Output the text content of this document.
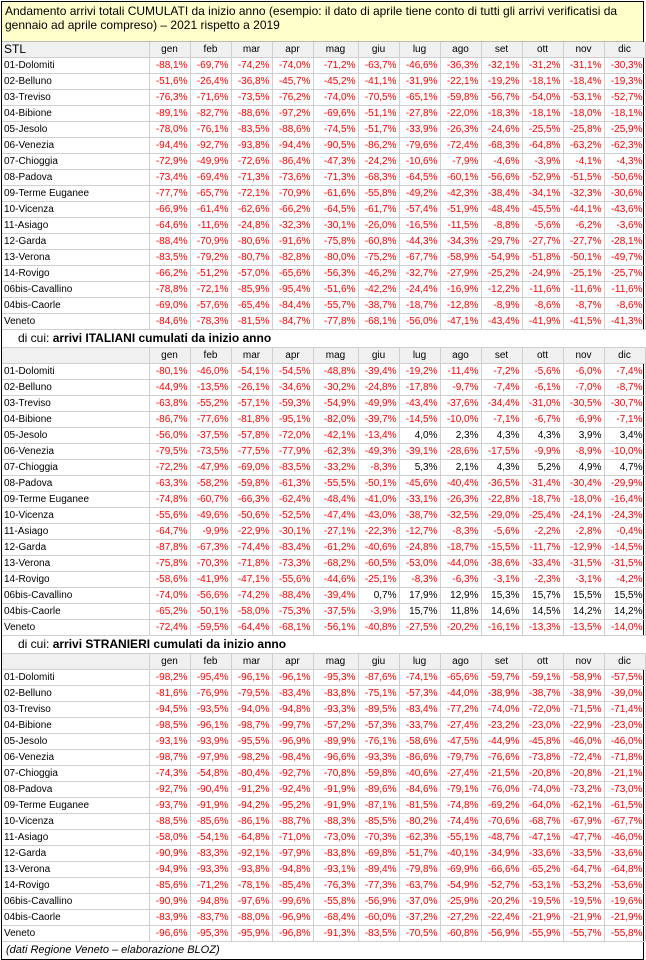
Andamento arrivi totali CUMULATI da inizio anno (esempio: il dato di aprile tiene conto di tutti gli arrivi verificatisi da gennaio ad aprile compreso) – 2021 rispetto a 2019
STL	gen	feb	mar	apr	mag	giu	lug	ago	set	ott	nov	dic
01-Dolomiti	-88,1%	-69,7%	-74,2%	-74,0%	-71,2%	-63,7%	-46,6%	-36,3%	-32,1%	-31,2%	-31,1%	-30,3%
02-Belluno	-51,6%	-26,4%	-36,8%	-45,7%	-45,2%	-41,1%	-31,9%	-22,1%	-19,2%	-18,1%	-18,4%	-19,3%
03-Treviso	-76,3%	-71,6%	-73,5%	-76,2%	-74,0%	-70,5%	-65,1%	-59,8%	-56,7%	-54,0%	-53,1%	-52,7%
04-Bibione	-89,1%	-82,7%	-88,6%	-97,2%	-69,6%	-51,1%	-27,8%	-22,0%	-18,3%	-18,1%	-18,0%	-18,1%
05-Jesolo	-78,0%	-76,1%	-83,5%	-88,6%	-74,5%	-51,7%	-33,9%	-26,3%	-24,6%	-25,5%	-25,8%	-25,9%
06-Venezia	-94,4%	-92,7%	-93,8%	-94,4%	-90,5%	-86,2%	-79,6%	-72,4%	-68,3%	-64,8%	-63,2%	-62,3%
07-Chioggia	-72,9%	-49,9%	-72,6%	-86,4%	-47,3%	-24,2%	-10,6%	-7,9%	-4,6%	-3,9%	-4,1%	-4,3%
08-Padova	-73,4%	-69,4%	-71,3%	-73,6%	-71,3%	-68,3%	-64,5%	-60,1%	-56,6%	-52,9%	-51,5%	-50,6%
09-Terme Euganee	-77,7%	-65,7%	-72,1%	-70,9%	-61,6%	-55,8%	-49,2%	-42,3%	-38,4%	-34,1%	-32,3%	-30,6%
10-Vicenza	-66,9%	-61,4%	-62,6%	-66,2%	-64,5%	-61,7%	-57,4%	-51,9%	-48,4%	-45,5%	-44,1%	-43,6%
11-Asiago	-64,6%	-11,6%	-24,8%	-32,3%	-30,1%	-26,0%	-16,5%	-11,5%	-8,8%	-5,6%	-6,2%	-3,6%
12-Garda	-88,4%	-70,9%	-80,6%	-91,6%	-75,8%	-60,8%	-44,3%	-34,3%	-29,7%	-27,7%	-27,7%	-28,1%
13-Verona	-83,5%	-79,2%	-80,7%	-82,8%	-80,0%	-75,2%	-67,7%	-58,9%	-54,9%	-51,8%	-50,1%	-49,7%
14-Rovigo	-66,2%	-51,2%	-57,0%	-65,6%	-56,3%	-46,2%	-32,7%	-27,9%	-25,2%	-24,9%	-25,1%	-25,7%
06bis-Cavallino	-78,8%	-72,1%	-85,9%	-95,4%	-51,6%	-42,2%	-24,4%	-16,9%	-12,2%	-11,6%	-11,6%	-11,6%
04bis-Caorle	-69,0%	-57,6%	-65,4%	-84,4%	-55,7%	-38,7%	-18,7%	-12,8%	-8,9%	-8,6%	-8,7%	-8,6%
Veneto	-84,6%	-78,3%	-81,5%	-84,7%	-77,8%	-68,1%	-56,0%	-47,1%	-43,4%	-41,9%	-41,5%	-41,3%
di cui: arrivi ITALIANI cumulati da inizio anno												
	gen	feb	mar	apr	mag	giu	lug	ago	set	ott	nov	dic
01-Dolomiti	-80,1%	-46,0%	-54,1%	-54,5%	-48,8%	-39,4%	-19,2%	-11,4%	-7,2%	-5,6%	-6,0%	-7,4%
02-Belluno	-44,9%	-13,5%	-26,1%	-34,6%	-30,2%	-24,8%	-17,8%	-9,7%	-7,4%	-6,1%	-7,0%	-8,7%
03-Treviso	-63,8%	-55,2%	-57,1%	-59,3%	-54,9%	-49,9%	-43,4%	-37,6%	-34,4%	-31,0%	-30,5%	-30,7%
04-Bibione	-86,7%	-77,6%	-81,8%	-95,1%	-82,0%	-39,7%	-14,5%	-10,0%	-7,1%	-6,7%	-6,9%	-7,1%
05-Jesolo	-56,0%	-37,5%	-57,8%	-72,0%	-42,1%	-13,4%	4,0%	2,3%	4,3%	4,3%	3,9%	3,4%
06-Venezia	-79,5%	-73,5%	-77,5%	-77,9%	-62,3%	-49,3%	-39,1%	-28,6%	-17,5%	-9,9%	-8,9%	-10,0%
07-Chioggia	-72,2%	-47,9%	-69,0%	-83,5%	-33,2%	-8,3%	5,3%	2,1%	4,3%	5,2%	4,9%	4,7%
08-Padova	-63,3%	-58,2%	-59,8%	-61,3%	-55,5%	-50,1%	-45,6%	-40,4%	-36,5%	-31,4%	-30,4%	-29,9%
09-Terme Euganee	-74,8%	-60,7%	-66,3%	-62,4%	-48,4%	-41,0%	-33,1%	-26,3%	-22,8%	-18,7%	-18,0%	-16,4%
10-Vicenza	-55,6%	-49,6%	-50,6%	-52,5%	-47,4%	-43,0%	-38,7%	-32,5%	-29,0%	-25,4%	-24,1%	-24,3%
11-Asiago	-64,7%	-9,9%	-22,9%	-30,1%	-27,1%	-22,3%	-12,7%	-8,3%	-5,6%	-2,2%	-2,8%	-0,4%
12-Garda	-87,8%	-67,3%	-74,4%	-83,4%	-61,2%	-40,6%	-24,8%	-18,7%	-15,5%	-11,7%	-12,9%	-14,5%
13-Verona	-75,8%	-70,3%	-71,8%	-73,3%	-68,2%	-60,5%	-53,0%	-44,0%	-38,6%	-33,4%	-31,5%	-31,5%
14-Rovigo	-58,6%	-41,9%	-47,1%	-55,6%	-44,6%	-25,1%	-8,3%	-6,3%	-3,1%	-2,3%	-3,1%	-4,2%
06bis-Cavallino	-74,0%	-56,6%	-74,2%	-88,4%	-39,4%	0,7%	17,9%	12,9%	15,3%	15,7%	15,5%	15,5%
04bis-Caorle	-65,2%	-50,1%	-58,0%	-75,3%	-37,5%	-3,9%	15,7%	11,8%	14,6%	14,5%	14,2%	14,2%
Veneto	-72,4%	-59,5%	-64,4%	-68,1%	-56,1%	-40,8%	-27,5%	-20,2%	-16,1%	-13,3%	-13,5%	-14,0%
di cui: arrivi STRANIERI cumulati da inizio anno												
	gen	feb	mar	apr	mag	giu	lug	ago	set	ott	nov	dic
01-Dolomiti	-98,2%	-95,4%	-96,1%	-96,1%	-95,3%	-87,6%	-74,1%	-65,6%	-59,7%	-59,1%	-58,9%	-57,5%
02-Belluno	-81,6%	-76,9%	-79,5%	-83,4%	-83,8%	-75,1%	-57,3%	-44,0%	-38,9%	-38,7%	-38,9%	-39,0%
03-Treviso	-94,5%	-93,5%	-94,0%	-94,8%	-93,3%	-89,5%	-83,4%	-77,2%	-74,0%	-72,0%	-71,5%	-71,4%
04-Bibione	-98,5%	-96,1%	-98,7%	-99,7%	-57,2%	-57,3%	-33,7%	-27,4%	-23,2%	-23,0%	-22,9%	-23,0%
05-Jesolo	-93,1%	-93,9%	-95,5%	-96,9%	-89,9%	-76,1%	-58,6%	-47,5%	-44,9%	-45,8%	-46,0%	-46,0%
06-Venezia	-98,7%	-97,9%	-98,2%	-98,4%	-96,6%	-93,3%	-86,6%	-79,7%	-76,6%	-73,8%	-72,4%	-71,8%
07-Chioggia	-74,3%	-54,8%	-80,4%	-92,7%	-70,8%	-59,8%	-40,6%	-27,4%	-21,5%	-20,8%	-20,8%	-21,1%
08-Padova	-92,7%	-90,4%	-91,2%	-92,4%	-91,9%	-89,6%	-84,6%	-79,1%	-76,0%	-74,0%	-73,2%	-73,0%
09-Terme Euganee	-93,7%	-91,9%	-94,2%	-95,2%	-91,9%	-87,1%	-81,5%	-74,8%	-69,2%	-64,0%	-62,1%	-61,5%
10-Vicenza	-88,5%	-85,6%	-86,1%	-88,7%	-88,3%	-85,5%	-80,2%	-74,4%	-70,6%	-68,7%	-67,9%	-67,7%
11-Asiago	-58,0%	-54,1%	-64,8%	-71,0%	-73,0%	-70,3%	-62,3%	-55,1%	-48,7%	-47,1%	-47,7%	-46,0%
12-Garda	-90,9%	-83,3%	-92,1%	-97,9%	-83,8%	-69,8%	-51,7%	-40,1%	-34,9%	-33,6%	-33,5%	-33,6%
13-Verona	-94,9%	-93,3%	-93,8%	-94,8%	-93,1%	-89,4%	-79,8%	-69,9%	-66,6%	-65,2%	-64,7%	-64,8%
14-Rovigo	-85,6%	-71,2%	-78,1%	-85,4%	-76,3%	-77,3%	-63,7%	-54,9%	-52,7%	-53,1%	-53,2%	-53,6%
06bis-Cavallino	-90,9%	-94,8%	-97,6%	-99,6%	-55,8%	-56,9%	-37,0%	-25,9%	-20,2%	-19,5%	-19,5%	-19,6%
04bis-Caorle	-83,9%	-83,7%	-88,0%	-96,9%	-68,4%	-60,0%	-37,2%	-27,2%	-22,4%	-21,9%	-21,9%	-21,9%
Veneto	-96,6%	-95,3%	-95,9%	-96,8%	-91,3%	-83,5%	-70,5%	-60,8%	-56,9%	-55,9%	-55,7%	-55,8%
(dati Regione Veneto – elaborazione BLOZ)
